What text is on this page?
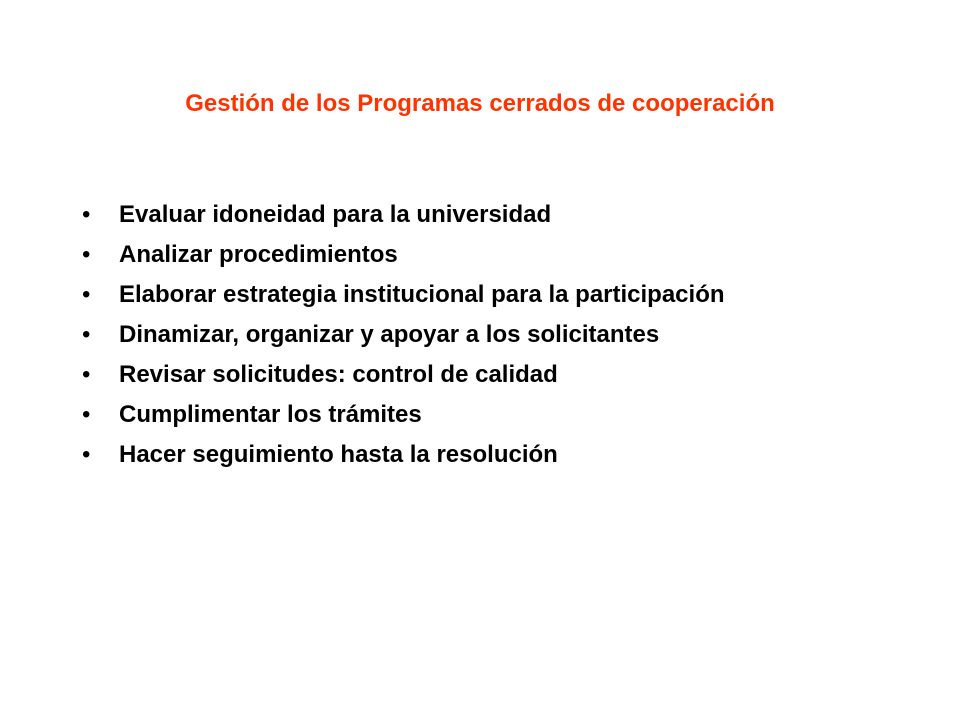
Gestión de los Programas cerrados de cooperación
• Evaluar idoneidad para la universidad
• Analizar procedimientos
• Elaborar estrategia institucional para la participación
• Dinamizar, organizar y apoyar a los solicitantes
• Revisar solicitudes: control de calidad
• Cumplimentar los trámites
• Hacer seguimiento hasta la resolución
